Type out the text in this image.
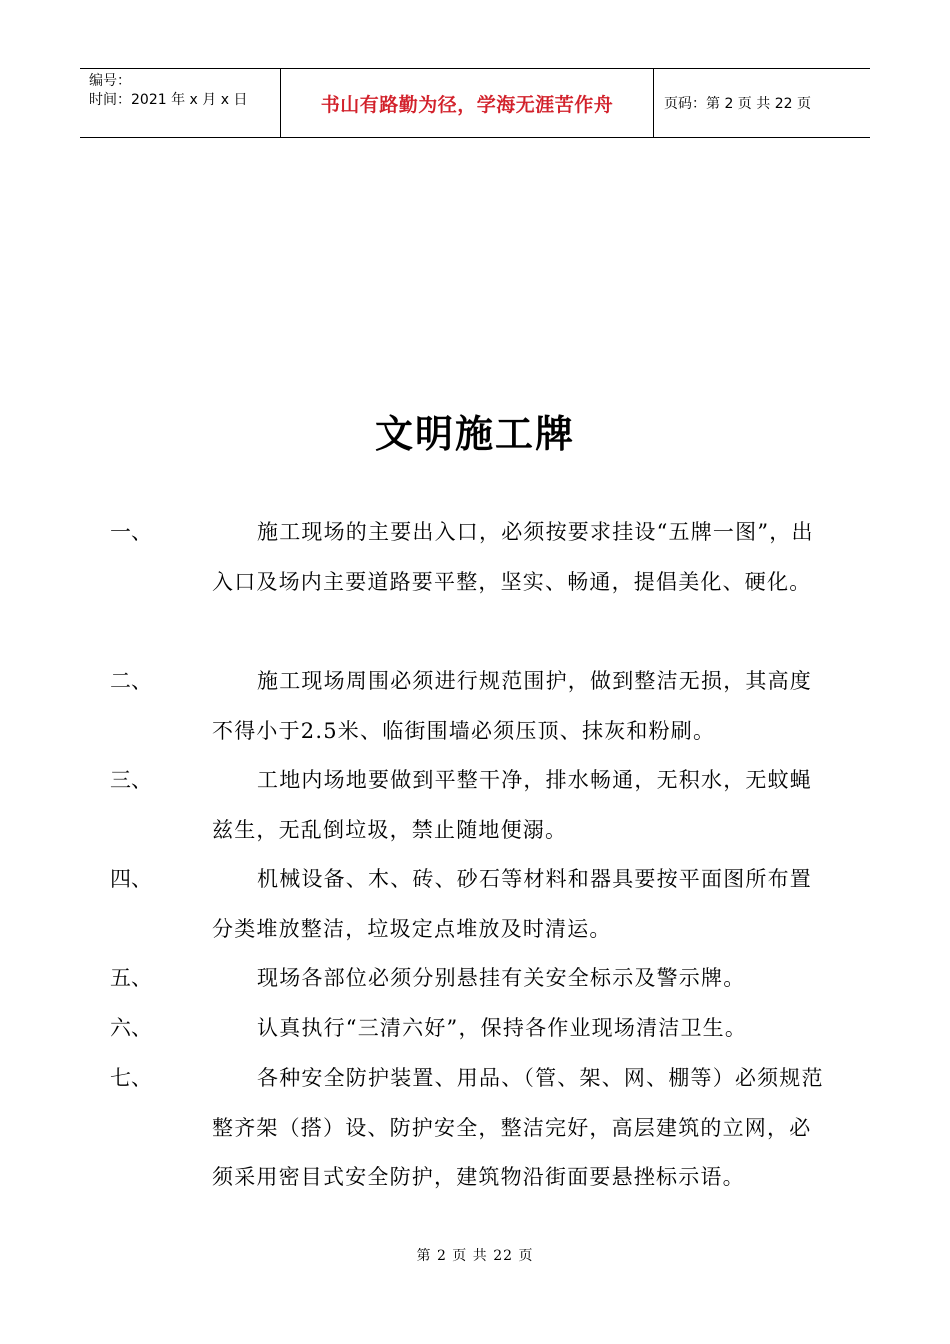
编号：
时间：2021 年 x 月 x 日	书山有路勤为径，学海无涯苦作舟	页码：第 2 页 共 22 页
文明施工牌
一、	施工现场的主要出入口，必须按要求挂设“五牌一图”，出入口及场内主要道路要平整，坚实、畅通，提倡美化、硬化。
二、	施工现场周围必须进行规范围护，做到整洁无损，其高度不得小于2.5米、临街围墙必须压顶、抹灰和粉刷。
三、	工地内场地要做到平整干净，排水畅通，无积水，无蚊蝇兹生，无乱倒垃圾，禁止随地便溺。
四、	机械设备、木、砖、砂石等材料和器具要按平面图所布置分类堆放整洁，垃圾定点堆放及时清运。
五、	现场各部位必须分别悬挂有关安全标示及警示牌。
六、	认真执行“三清六好”，保持各作业现场清洁卫生。
七、	各种安全防护装置、用品、（管、架、网、棚等）必须规范整齐架（搭）设、防护安全，整洁完好，高层建筑的立网，必须采用密目式安全防护，建筑物沿街面要悬挫标示语。
第 2 页 共 22 页
